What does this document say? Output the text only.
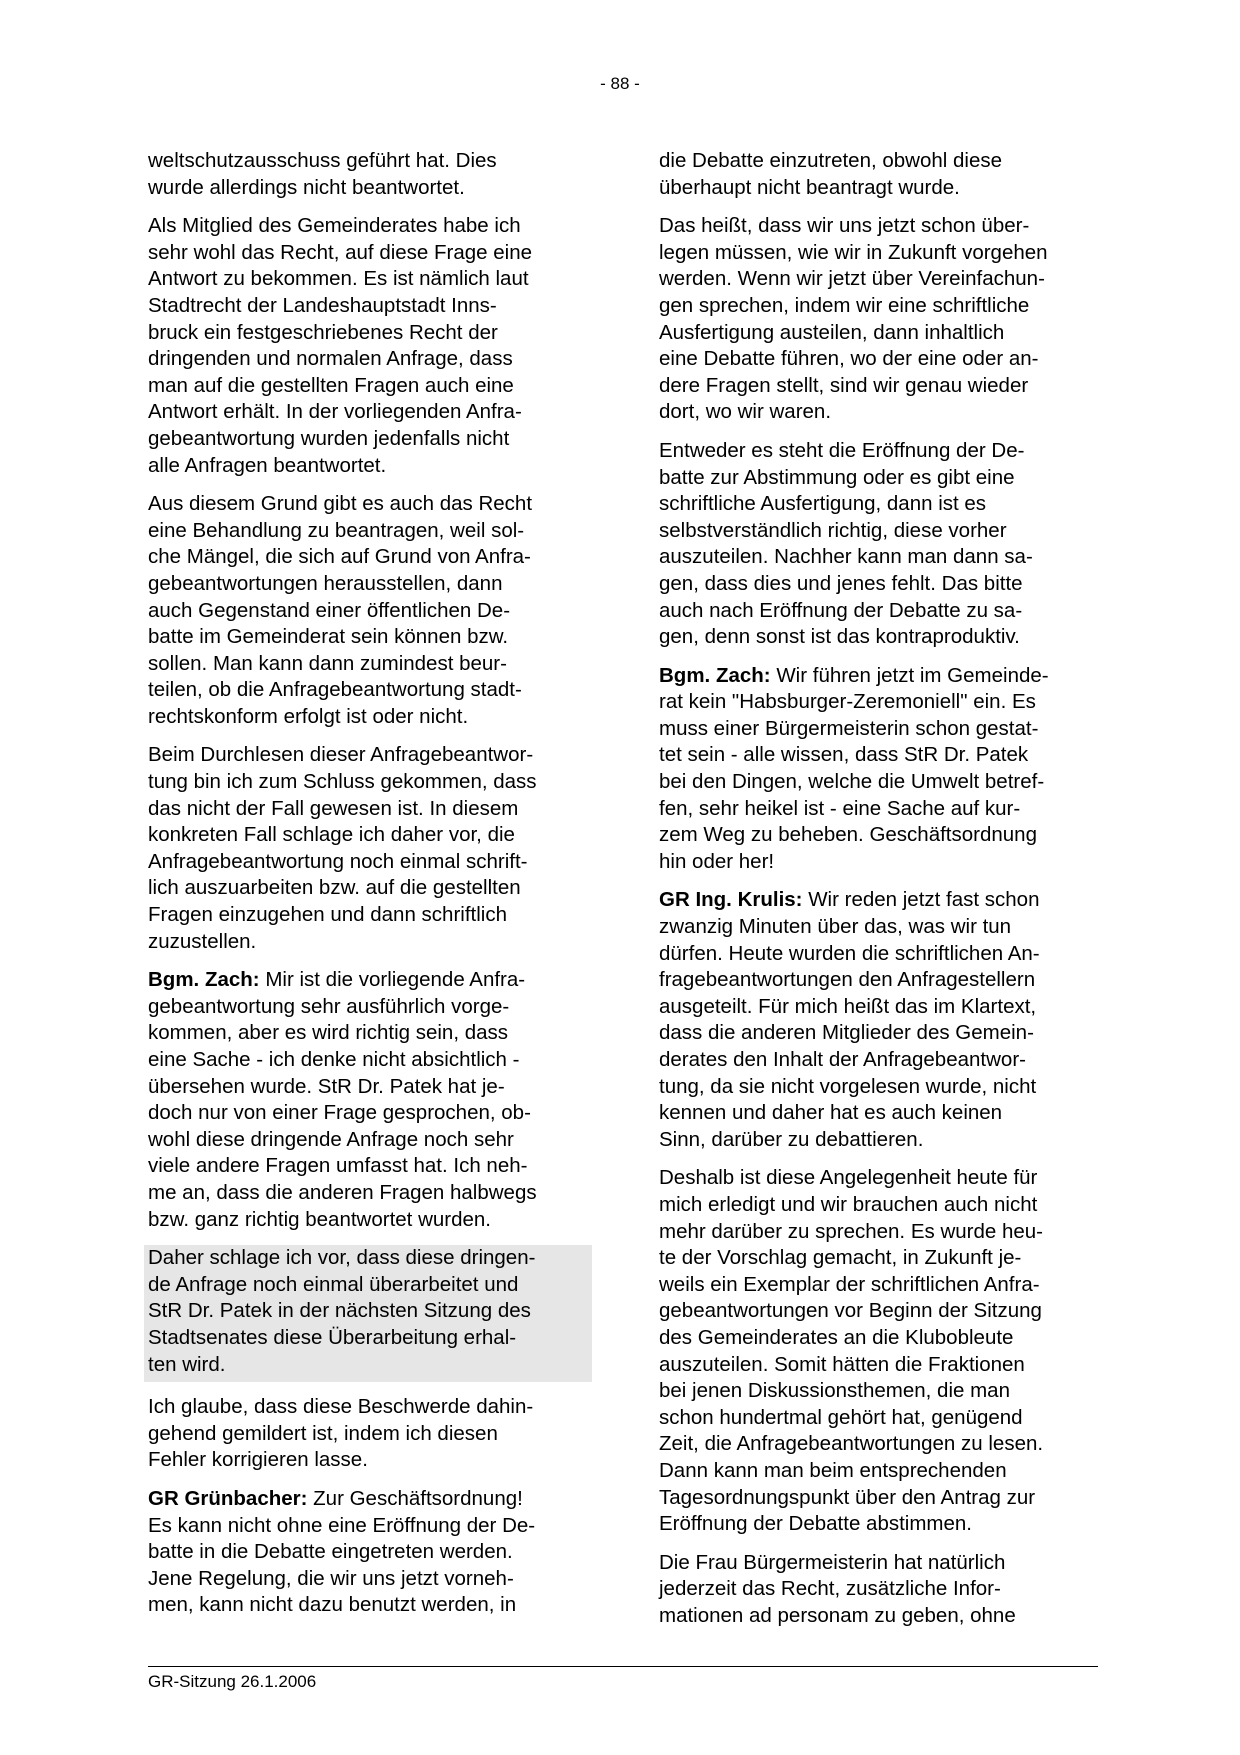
- 88 -

weltschutzausschuss geführt hat. Dies
wurde allerdings nicht beantwortet.

Als Mitglied des Gemeinderates habe ich
sehr wohl das Recht, auf diese Frage eine
Antwort zu bekommen. Es ist nämlich laut
Stadtrecht der Landeshauptstadt Inns-
bruck ein festgeschriebenes Recht der
dringenden und normalen Anfrage, dass
man auf die gestellten Fragen auch eine
Antwort erhält. In der vorliegenden Anfra-
gebeantwortung wurden jedenfalls nicht
alle Anfragen beantwortet.

Aus diesem Grund gibt es auch das Recht
eine Behandlung zu beantragen, weil sol-
che Mängel, die sich auf Grund von Anfra-
gebeantwortungen herausstellen, dann
auch Gegenstand einer öffentlichen De-
batte im Gemeinderat sein können bzw.
sollen. Man kann dann zumindest beur-
teilen, ob die Anfragebeantwortung stadt-
rechtskonform erfolgt ist oder nicht.

Beim Durchlesen dieser Anfragebeantwor-
tung bin ich zum Schluss gekommen, dass
das nicht der Fall gewesen ist. In diesem
konkreten Fall schlage ich daher vor, die
Anfragebeantwortung noch einmal schrift-
lich auszuarbeiten bzw. auf die gestellten
Fragen einzugehen und dann schriftlich
zuzustellen.

Bgm. Zach: Mir ist die vorliegende Anfra-
gebeantwortung sehr ausführlich vorge-
kommen, aber es wird richtig sein, dass
eine Sache - ich denke nicht absichtlich -
übersehen wurde. StR Dr. Patek hat je-
doch nur von einer Frage gesprochen, ob-
wohl diese dringende Anfrage noch sehr
viele andere Fragen umfasst hat. Ich neh-
me an, dass die anderen Fragen halbwegs
bzw. ganz richtig beantwortet wurden.

Daher schlage ich vor, dass diese dringen-
de Anfrage noch einmal überarbeitet und
StR Dr. Patek in der nächsten Sitzung des
Stadtsenates diese Überarbeitung erhal-
ten wird.

Ich glaube, dass diese Beschwerde dahin-
gehend gemildert ist, indem ich diesen
Fehler korrigieren lasse.

GR Grünbacher: Zur Geschäftsordnung!
Es kann nicht ohne eine Eröffnung der De-
batte in die Debatte eingetreten werden.
Jene Regelung, die wir uns jetzt vorneh-
men, kann nicht dazu benutzt werden, in

die Debatte einzutreten, obwohl diese
überhaupt nicht beantragt wurde.

Das heißt, dass wir uns jetzt schon über-
legen müssen, wie wir in Zukunft vorgehen
werden. Wenn wir jetzt über Vereinfachun-
gen sprechen, indem wir eine schriftliche
Ausfertigung austeilen, dann inhaltlich
eine Debatte führen, wo der eine oder an-
dere Fragen stellt, sind wir genau wieder
dort, wo wir waren.

Entweder es steht die Eröffnung der De-
batte zur Abstimmung oder es gibt eine
schriftliche Ausfertigung, dann ist es
selbstverständlich richtig, diese vorher
auszuteilen. Nachher kann man dann sa-
gen, dass dies und jenes fehlt. Das bitte
auch nach Eröffnung der Debatte zu sa-
gen, denn sonst ist das kontraproduktiv.

Bgm. Zach: Wir führen jetzt im Gemeinde-
rat kein "Habsburger-Zeremoniell" ein. Es
muss einer Bürgermeisterin schon gestat-
tet sein - alle wissen, dass StR Dr. Patek
bei den Dingen, welche die Umwelt betref-
fen, sehr heikel ist - eine Sache auf kur-
zem Weg zu beheben. Geschäftsordnung
hin oder her!

GR Ing. Krulis: Wir reden jetzt fast schon
zwanzig Minuten über das, was wir tun
dürfen. Heute wurden die schriftlichen An-
fragebeantwortungen den Anfragestellern
ausgeteilt. Für mich heißt das im Klartext,
dass die anderen Mitglieder des Gemein-
derates den Inhalt der Anfragebeantwor-
tung, da sie nicht vorgelesen wurde, nicht
kennen und daher hat es auch keinen
Sinn, darüber zu debattieren.

Deshalb ist diese Angelegenheit heute für
mich erledigt und wir brauchen auch nicht
mehr darüber zu sprechen. Es wurde heu-
te der Vorschlag gemacht, in Zukunft je-
weils ein Exemplar der schriftlichen Anfra-
gebeantwortungen vor Beginn der Sitzung
des Gemeinderates an die Klubobleute
auszuteilen. Somit hätten die Fraktionen
bei jenen Diskussionsthemen, die man
schon hundertmal gehört hat, genügend
Zeit, die Anfragebeantwortungen zu lesen.
Dann kann man beim entsprechenden
Tagesordnungspunkt über den Antrag zur
Eröffnung der Debatte abstimmen.

Die Frau Bürgermeisterin hat natürlich
jederzeit das Recht, zusätzliche Infor-
mationen ad personam zu geben, ohne

GR-Sitzung 26.1.2006
